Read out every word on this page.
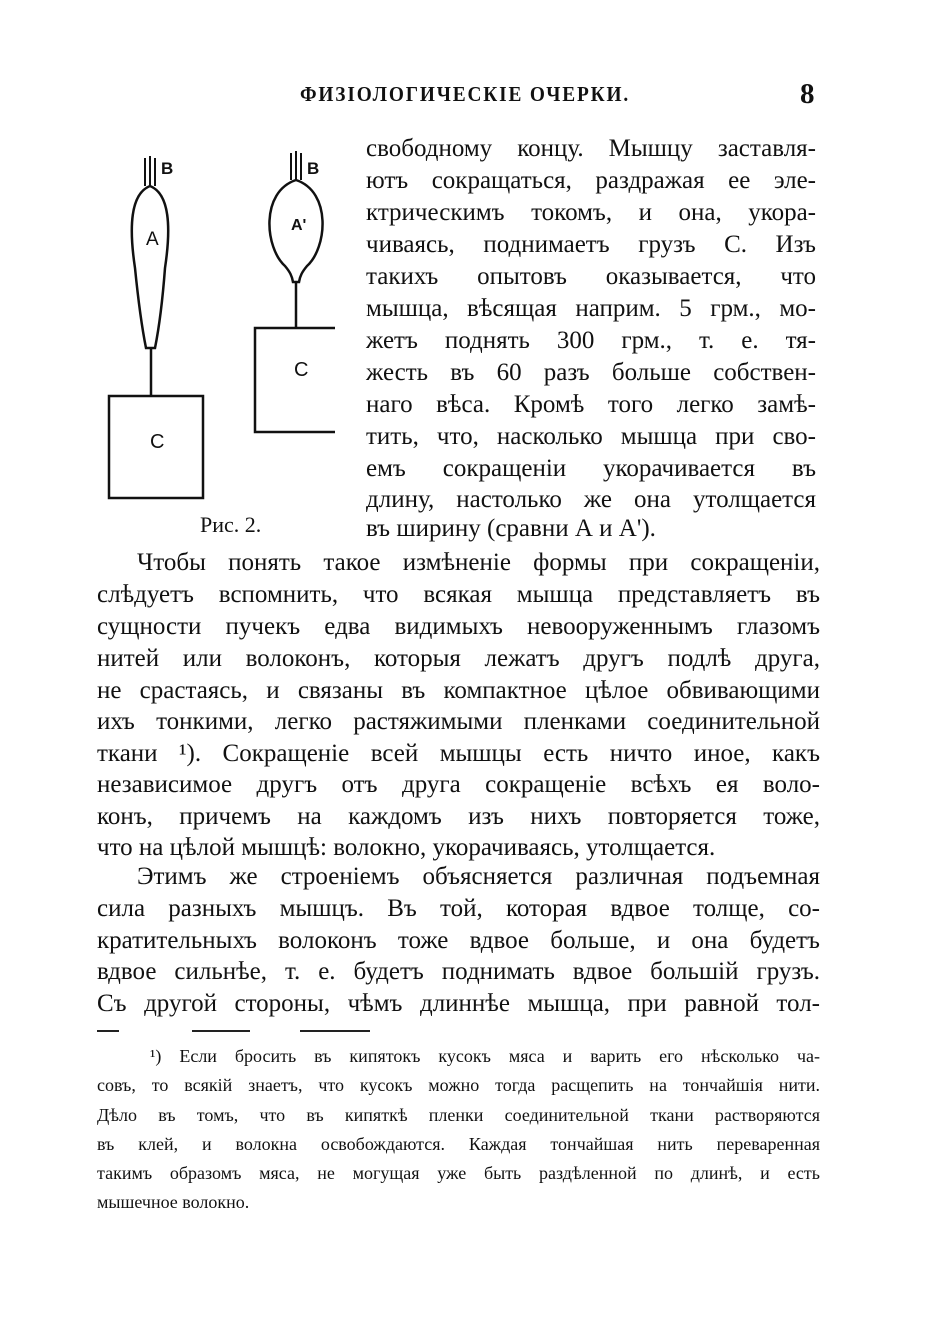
ФИЗІОЛОГИЧЕСКІЕ ОЧЕРКИ.	8
B
A
C
B
A'
C
Рис. 2.

свободному концу. Мышцу заставля-

ютъ сокращаться, раздражая ее эле-

ктрическимъ токомъ, и она, укора-

чиваясь, поднимаетъ грузъ С. Изъ

такихъ опытовъ оказывается, что

мышца, вѣсящая наприм. 5 грм., мо-

жетъ поднять 300 грм., т. е. тя-

жесть въ 60 разъ больше собствен-

наго вѣса. Кромѣ того легко замѣ-

тить, что, насколько мышца при сво-

емъ сокращеніи укорачивается въ

длину, настолько же она утолщается

въ ширину (сравни А и А').

Чтобы понять такое измѣненіе формы при сокращеніи,

слѣдуетъ вспомнить, что всякая мышца представляетъ въ

сущности пучекъ едва видимыхъ невооруженнымъ глазомъ

нитей или волоконъ, которыя лежатъ другъ подлѣ друга,

не срастаясь, и связаны въ компактное цѣлое обвивающими

ихъ тонкими, легко растяжимыми пленками соединительной

ткани ¹). Сокращеніе всей мышцы есть ничто иное, какъ

независимое другъ отъ друга сокращеніе всѣхъ ея воло-

конъ, причемъ на каждомъ изъ нихъ повторяется тоже,

что на цѣлой мышцѣ: волокно, укорачиваясь, утолщается.

Этимъ же строеніемъ объясняется различная подъемная

сила разныхъ мышцъ. Въ той, которая вдвое толще, со-

кратительныхъ волоконъ тоже вдвое больше, и она будетъ

вдвое сильнѣе, т. е. будетъ поднимать вдвое большій грузъ.

Съ другой стороны, чѣмъ длиннѣе мышца, при равной тол-

¹) Если бросить въ кипятокъ кусокъ мяса и варить его нѣсколько ча-
совъ, то всякій знаетъ, что кусокъ можно тогда расщепить на тончайшія нити.
Дѣло въ томъ, что въ кипяткѣ пленки соединительной ткани растворяются
въ клей, и волокна освобождаются. Каждая тончайшая нить переваренная
такимъ образомъ мяса, не могущая уже быть раздѣленной по длинѣ, и есть
мышечное волокно.
